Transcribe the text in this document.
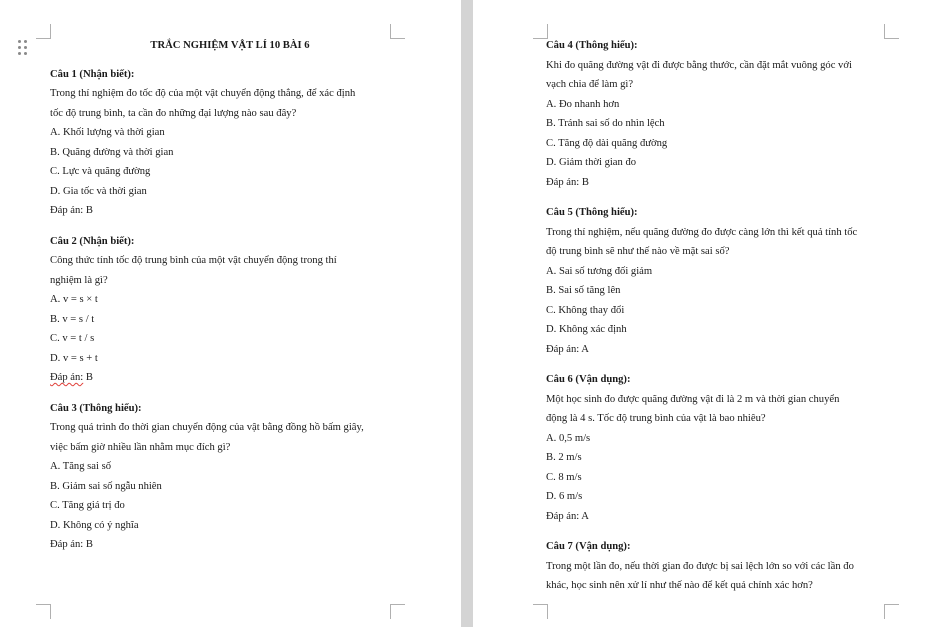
TRẮC NGHIỆM VẬT LÍ 10 BÀI 6

Câu 1 (Nhận biết):

Trong thí nghiệm đo tốc độ của một vật chuyển động thẳng, để xác định

tốc độ trung bình, ta cần đo những đại lượng nào sau đây?

A. Khối lượng và thời gian

B. Quãng đường và thời gian

C. Lực và quãng đường

D. Gia tốc và thời gian

Đáp án: B

Câu 2 (Nhận biết):

Công thức tính tốc độ trung bình của một vật chuyển động trong thí

nghiệm là gì?

A. v = s × t

B. v = s / t

C. v = t / s

D. v = s + t

Đáp án: B

Câu 3 (Thông hiểu):

Trong quá trình đo thời gian chuyển động của vật bằng đồng hồ bấm giây,

việc bấm giờ nhiều lần nhằm mục đích gì?

A. Tăng sai số

B. Giảm sai số ngẫu nhiên

C. Tăng giá trị đo

D. Không có ý nghĩa

Đáp án: B

Câu 4 (Thông hiểu):

Khi đo quãng đường vật đi được bằng thước, cần đặt mắt vuông góc với

vạch chia để làm gì?

A. Đo nhanh hơn

B. Tránh sai số do nhìn lệch

C. Tăng độ dài quãng đường

D. Giảm thời gian đo

Đáp án: B

Câu 5 (Thông hiểu):

Trong thí nghiệm, nếu quãng đường đo được càng lớn thì kết quả tính tốc

độ trung bình sẽ như thế nào về mặt sai số?

A. Sai số tương đối giảm

B. Sai số tăng lên

C. Không thay đổi

D. Không xác định

Đáp án: A

Câu 6 (Vận dụng):

Một học sinh đo được quãng đường vật đi là 2 m và thời gian chuyển

động là 4 s. Tốc độ trung bình của vật là bao nhiêu?

A. 0,5 m/s

B. 2 m/s

C. 8 m/s

D. 6 m/s

Đáp án: A

Câu 7 (Vận dụng):

Trong một lần đo, nếu thời gian đo được bị sai lệch lớn so với các lần đo

khác, học sinh nên xử lí như thế nào để kết quả chính xác hơn?
